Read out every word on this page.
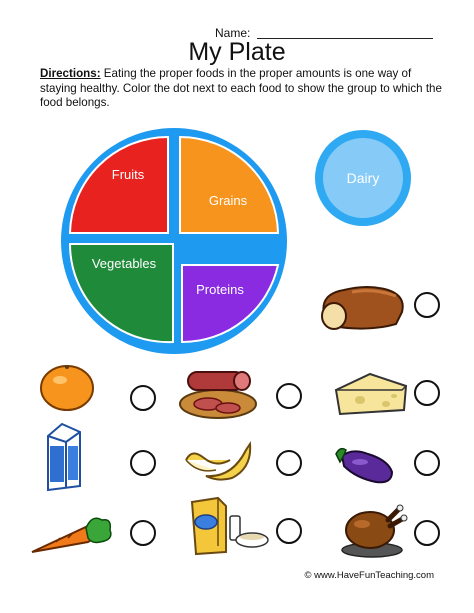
Name:
My Plate
Directions: Eating the proper foods in the proper amounts is one way of staying healthy. Color the dot next to each food to show the group to which the food belongs.
Fruits
Grains
Vegetables
Proteins
Dairy
© www.HaveFunTeaching.com
